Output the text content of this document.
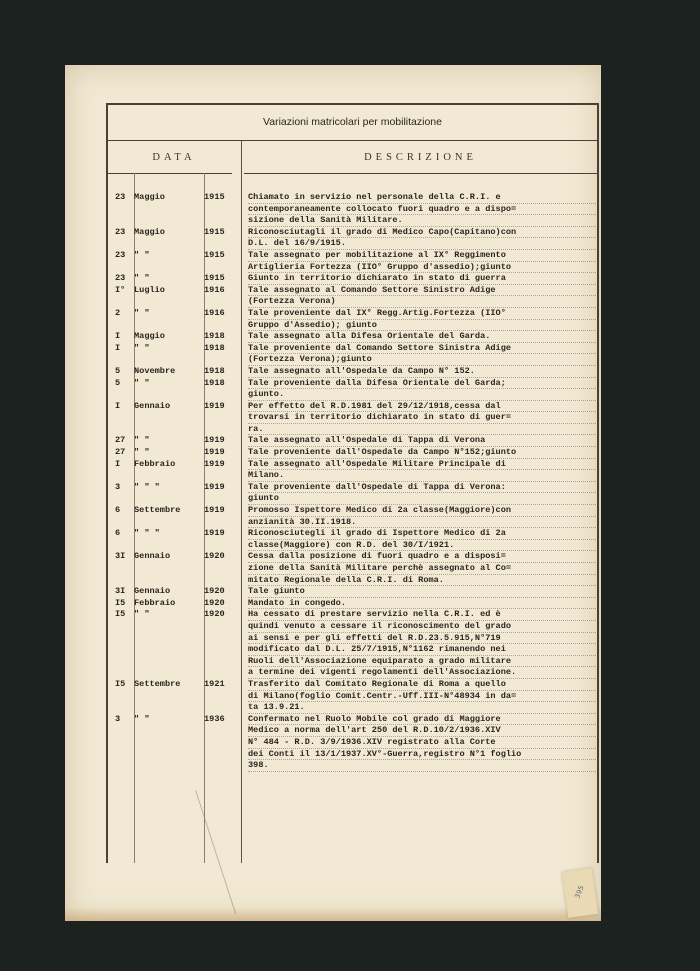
395
Variazioni matricolari per mobilitazione
DATA	DESCRIZIONE
23	Maggio	1915	Chiamato in servizio nel personale della C.R.I. e
contemporaneamente collocato fuori quadro e a dispo=
sizione della Sanità Militare.
23	Maggio	1915	Riconosciutagli il grado di Medico Capo(Capitano)con
D.L. del 16/9/1915.
23	" "	1915	Tale assegnato per mobilitazione al IX° Reggimento
Artiglieria Fortezza (IIO° Gruppo d'assedio);giunto
23	" "	1915	Giunto in territorio dichiarato in stato di guerra
I°	Luglio	1916	Tale assegnato al Comando Settore Sinistro Adige
(Fortezza Verona)
2	" "	1916	Tale proveniente dal IX° Regg.Artig.Fortezza (IIO°
Gruppo d'Assedio); giunto
I	Maggio	1918	Tale assegnato alla Difesa Orientale del Garda.
I	" "	1918	Tale proveniente dal Comando Settore Sinistra Adige
(Fortezza Verona);giunto
5	Novembre	1918	Tale assegnato all'Ospedale da Campo N° 152.
5	" "	1918	Tale proveniente dalla Difesa Orientale del Garda;
giunto.
I	Gennaio	1919	Per effetto del R.D.1981 del 29/12/1918,cessa dal
trovarsi in territorio dichiarato in stato di guer=
ra.
27	" "	1919	Tale assegnato all'Ospedale di Tappa di Verona
27	" "	1919	Tale proveniente dall'Ospedale da Campo N°152;giunto
I	Febbraio	1919	Tale assegnato all'Ospedale Militare Principale di
Milano.
3	" " "	1919	Tale proveniente dall'Ospedale di Tappa di Verona:
giunto
6	Settembre	1919	Promosso Ispettore Medico di 2a classe(Maggiore)con
anzianità 30.II.1918.
6	" " "	1919	Riconosciutegli il grado di Ispettore Medico di 2a
classe(Maggiore) con R.D. del 30/I/1921.
3I	Gennaio	1920	Cessa dalla posizione di fuori quadro e a disposi=
zione della Sanità Militare perchè assegnato al Co=
mitato Regionale della C.R.I. di Roma.
3I	Gennaio	1920	Tale giunto
I5	Febbraio	1920	Mandato in congedo.
I5	" "	1920	Ha cessato di prestare servizio nella C.R.I. ed è
quindi venuto a cessare il riconoscimento del grado
ai sensi e per gli effetti del R.D.23.5.915,N°719
modificato dal D.L. 25/7/1915,N°1162 rimanendo nei
Ruoli dell'Associazione equiparato a grado militare
a termine dei vigenti regolamenti dell'Associazione.
I5	Settembre	1921	Trasferito dal Comitato Regionale di Roma a quello
di Milano(foglio Comit.Centr.-Uff.III-N°48934 in da=
ta 13.9.21.
3	" "	1936	Confermato nel Ruolo Mobile col grado di Maggiore
Medico a norma dell'art 250 del R.D.10/2/1936.XIV
N° 484 - R.D. 3/9/1936.XIV registrato alla Corte
dei Conti il 13/1/1937.XV°-Guerra,registro N°1 foglio
398.
